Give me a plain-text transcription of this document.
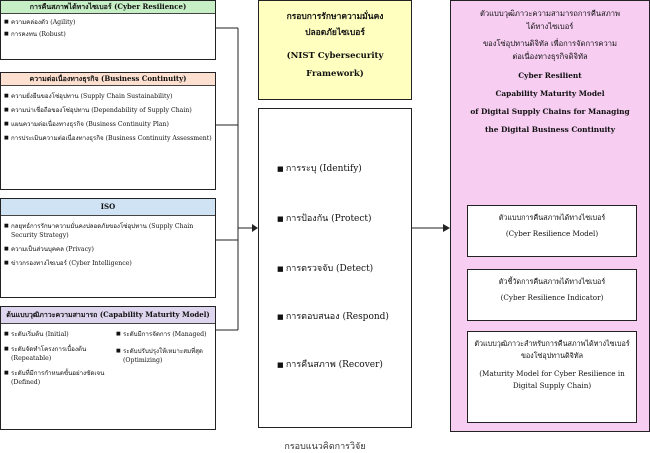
การคืนสภาพได้ทางไซเบอร์ (Cyber Resilience)
■ ความคล่องตัว (Agility)
■ การคงทน (Robust)
ความต่อเนื่องทางธุรกิจ (Business Continuity)
■ ความยั่งยืนของโซ่อุปทาน (Supply Chain Sustainability)
■ ความน่าเชื่อถือของโซ่อุปทาน (Dependability of Supply Chain)
■ แผนความต่อเนื่องทางธุรกิจ (Business Continuity Plan)
■ การประเมินความต่อเนื่องทางธุรกิจ (Business Continuity Assessment)
ISO
■ กลยุทธ์การรักษาความมั่นคงปลอดภัยของโซ่อุปทาน (Supply Chain Security Strategy)
■ ความเป็นส่วนบุคคล (Privacy)
■ ข่าวกรองทางไซเบอร์ (Cyber Intelligence)
ต้นแบบวุฒิภาวะความสามารถ (Capability Maturity Model)
■ ระดับเริ่มต้น (Initial)
■ ระดับจัดทำโครงการเบื้องต้น (Repeatable)
■ ระดับที่มีการกำหนดขั้นอย่างชัดเจน (Defined)
■ ระดับมีการจัดการ (Managed)
■ ระดับปรับปรุงให้เหมาะสมที่สุด (Optimizing)
กรอบการรักษาความมั่นคง
ปลอดภัยไซเบอร์
(NIST Cybersecurity
Framework)
■ การระบุ (Identify)
■ การป้องกัน (Protect)
■ การตรวจจับ (Detect)
■ การตอบสนอง (Respond)
■ การคืนสภาพ (Recover)
ตัวแบบวุฒิภาวะความสามารถการคืนสภาพ
ได้ทางไซเบอร์
ของโซ่อุปทานดิจิทัล เพื่อการจัดการความ
ต่อเนื่องทางธุรกิจดิจิทัล
Cyber Resilient
Capability Maturity Model
of Digital Supply Chains for Managing
the Digital Business Continuity
ตัวแบบการคืนสภาพได้ทางไซเบอร์
(Cyber Resilience Model)
ตัวชี้วัดการคืนสภาพได้ทางไซเบอร์
(Cyber Resilience Indicator)
ตัวแบบวุฒิภาวะสำหรับการคืนสภาพได้ทางไซเบอร์ของโซ่อุปทานดิจิทัล
(Maturity Model for Cyber Resilience in Digital Supply Chain)
กรอบแนวคิดการวิจัย
